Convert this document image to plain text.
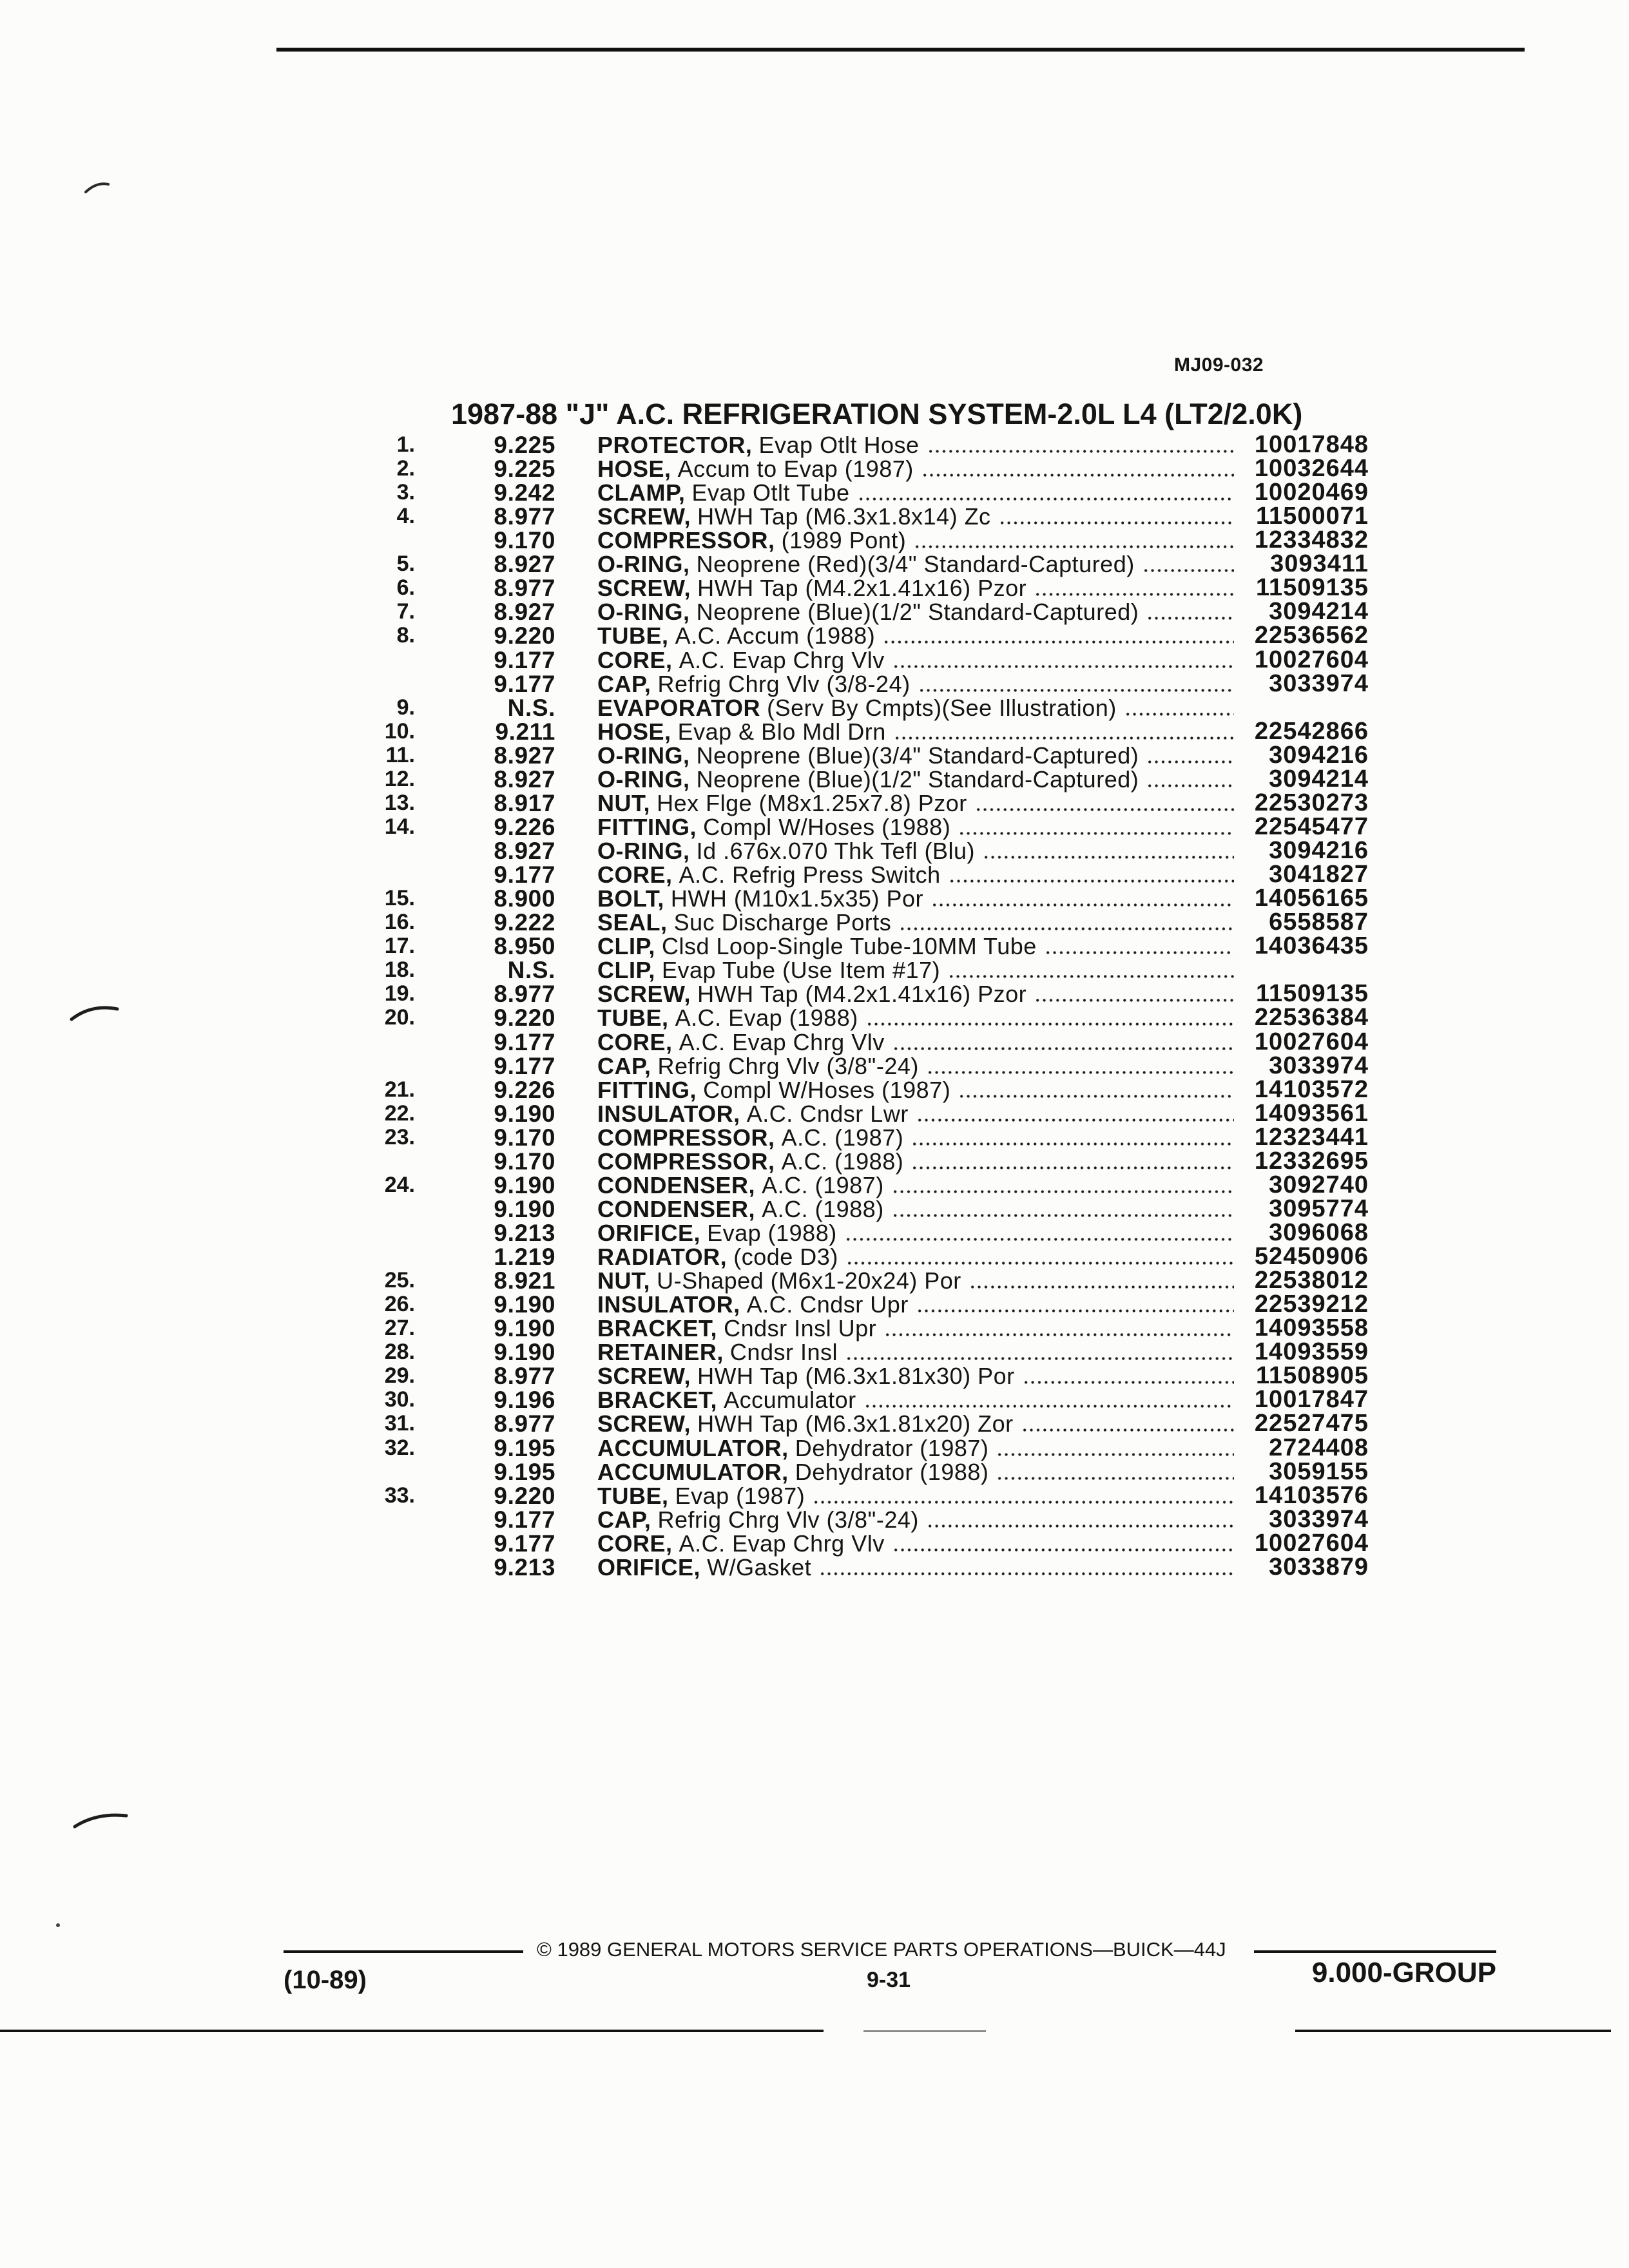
MJ09-032
1987-88 "J" A.C. REFRIGERATION SYSTEM-2.0L L4 (LT2/2.0K)
1.	9.225 PROTECTOR, Evap Otlt Hose	10017848
2.	9.225 HOSE, Accum to Evap (1987)	10032644
3.	9.242 CLAMP, Evap Otlt Tube	10020469
4.	8.977 SCREW, HWH Tap (M6.3x1.8x14) Zc	11500071
9.170 COMPRESSOR, (1989 Pont)	12334832
5.	8.927 O-RING, Neoprene (Red)(3/4" Standard-Captured)	3093411
6.	8.977 SCREW, HWH Tap (M4.2x1.41x16) Pzor	11509135
7.	8.927 O-RING, Neoprene (Blue)(1/2" Standard-Captured)	3094214
8.	9.220 TUBE, A.C. Accum (1988)	22536562
9.177 CORE, A.C. Evap Chrg Vlv	10027604
9.177 CAP, Refrig Chrg Vlv (3/8-24)	3033974
9.	N.S. EVAPORATOR (Serv By Cmpts)(See Illustration)
10.	9.211 HOSE, Evap & Blo Mdl Drn	22542866
11.	8.927 O-RING, Neoprene (Blue)(3/4" Standard-Captured)	3094216
12.	8.927 O-RING, Neoprene (Blue)(1/2" Standard-Captured)	3094214
13.	8.917 NUT, Hex Flge (M8x1.25x7.8) Pzor	22530273
14.	9.226 FITTING, Compl W/Hoses (1988)	22545477
8.927 O-RING, Id .676x.070 Thk Tefl (Blu)	3094216
9.177 CORE, A.C. Refrig Press Switch	3041827
15.	8.900 BOLT, HWH (M10x1.5x35) Por	14056165
16.	9.222 SEAL, Suc Discharge Ports	6558587
17.	8.950 CLIP, Clsd Loop-Single Tube-10MM Tube	14036435
18.	N.S. CLIP, Evap Tube (Use Item #17)
19.	8.977 SCREW, HWH Tap (M4.2x1.41x16) Pzor	11509135
20.	9.220 TUBE, A.C. Evap (1988)	22536384
9.177 CORE, A.C. Evap Chrg Vlv	10027604
9.177 CAP, Refrig Chrg Vlv (3/8"-24)	3033974
21.	9.226 FITTING, Compl W/Hoses (1987)	14103572
22.	9.190 INSULATOR, A.C. Cndsr Lwr	14093561
23.	9.170 COMPRESSOR, A.C. (1987)	12323441
9.170 COMPRESSOR, A.C. (1988)	12332695
24.	9.190 CONDENSER, A.C. (1987)	3092740
9.190 CONDENSER, A.C. (1988)	3095774
9.213 ORIFICE, Evap (1988)	3096068
1.219 RADIATOR, (code D3)	52450906
25.	8.921 NUT, U-Shaped (M6x1-20x24) Por	22538012
26.	9.190 INSULATOR, A.C. Cndsr Upr	22539212
27.	9.190 BRACKET, Cndsr Insl Upr	14093558
28.	9.190 RETAINER, Cndsr Insl	14093559
29.	8.977 SCREW, HWH Tap (M6.3x1.81x30) Por	11508905
30.	9.196 BRACKET, Accumulator	10017847
31.	8.977 SCREW, HWH Tap (M6.3x1.81x20) Zor	22527475
32.	9.195 ACCUMULATOR, Dehydrator (1987)	2724408
9.195 ACCUMULATOR, Dehydrator (1988)	3059155
33.	9.220 TUBE, Evap (1987)	14103576
9.177 CAP, Refrig Chrg Vlv (3/8"-24)	3033974
9.177 CORE, A.C. Evap Chrg Vlv	10027604
9.213 ORIFICE, W/Gasket	3033879
© 1989 GENERAL MOTORS SERVICE PARTS OPERATIONS—BUICK—44J
(10-89)	9-31	9.000-GROUP
